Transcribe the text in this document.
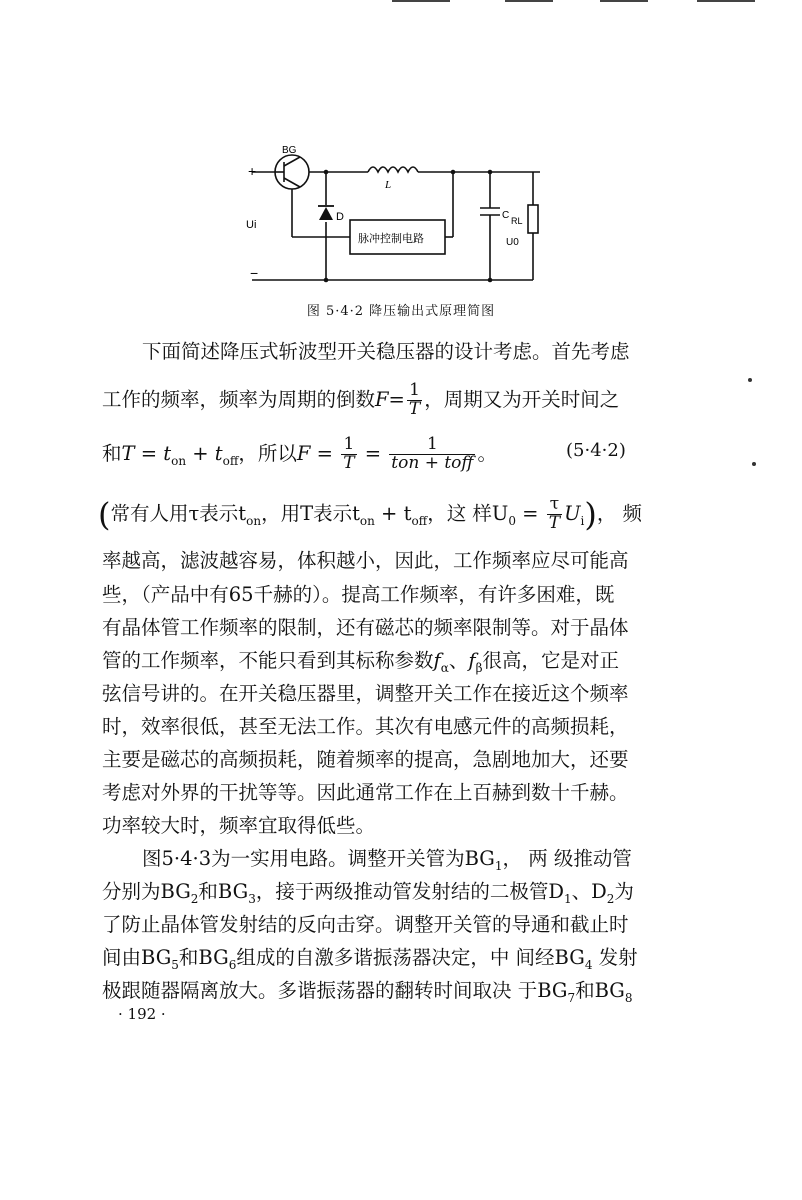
BG
+
−
Ui
L
D	C RL
U0
脉冲控制电路
图 5·4·2 降压输出式原理简图
下面简述降压式斩波型开关稳压器的设计考虑。首先考虑
工作的频率，频率为周期的倒数$F= \frac{1}{T}$ ，周期又为开关时间之
和$T = t_{on} + t_{off}$，所以$F = \frac{1}{T} = \frac{1}{\text{ton + toff}}$ 。	(5·4·2)
(常有人用τ表示$t_{on}$，用T表示$t_{on} + t_{off}$，这 样$U_0 = \frac{\tau}{T} U_i$)， 频
率越高，滤波越容易，体积越小，因此，工作频率应尽可能高
些，（产品中有65千赫的）。提高工作频率，有许多困难，既
有晶体管工作频率的限制，还有磁芯的频率限制等。对于晶体
管的工作频率，不能只看到其标称参数$f_\alpha$、$f_\beta$很高，它是对正
弦信号讲的。在开关稳压器里，调整开关工作在接近这个频率
时，效率很低，甚至无法工作。其次有电感元件的高频损耗，
主要是磁芯的高频损耗，随着频率的提高，急剧地加大，还要
考虑对外界的干扰等等。因此通常工作在上百赫到数十千赫。
功率较大时，频率宜取得低些。
图5·4·3为一实用电路。调整开关管为$BG_1$， 两 级推动管
分别为$BG_2$和$BG_3$，接于两级推动管发射结的二极管$D_1$、$D_2$为
了防止晶体管发射结的反向击穿。调整开关管的导通和截止时
间由$BG_5$和$BG_6$组成的自激多谐振荡器决定，中 间经$BG_4$ 发射
极跟随器隔离放大。多谐振荡器的翻转时间取决 于$BG_7$和$BG_8$
· 192 ·
